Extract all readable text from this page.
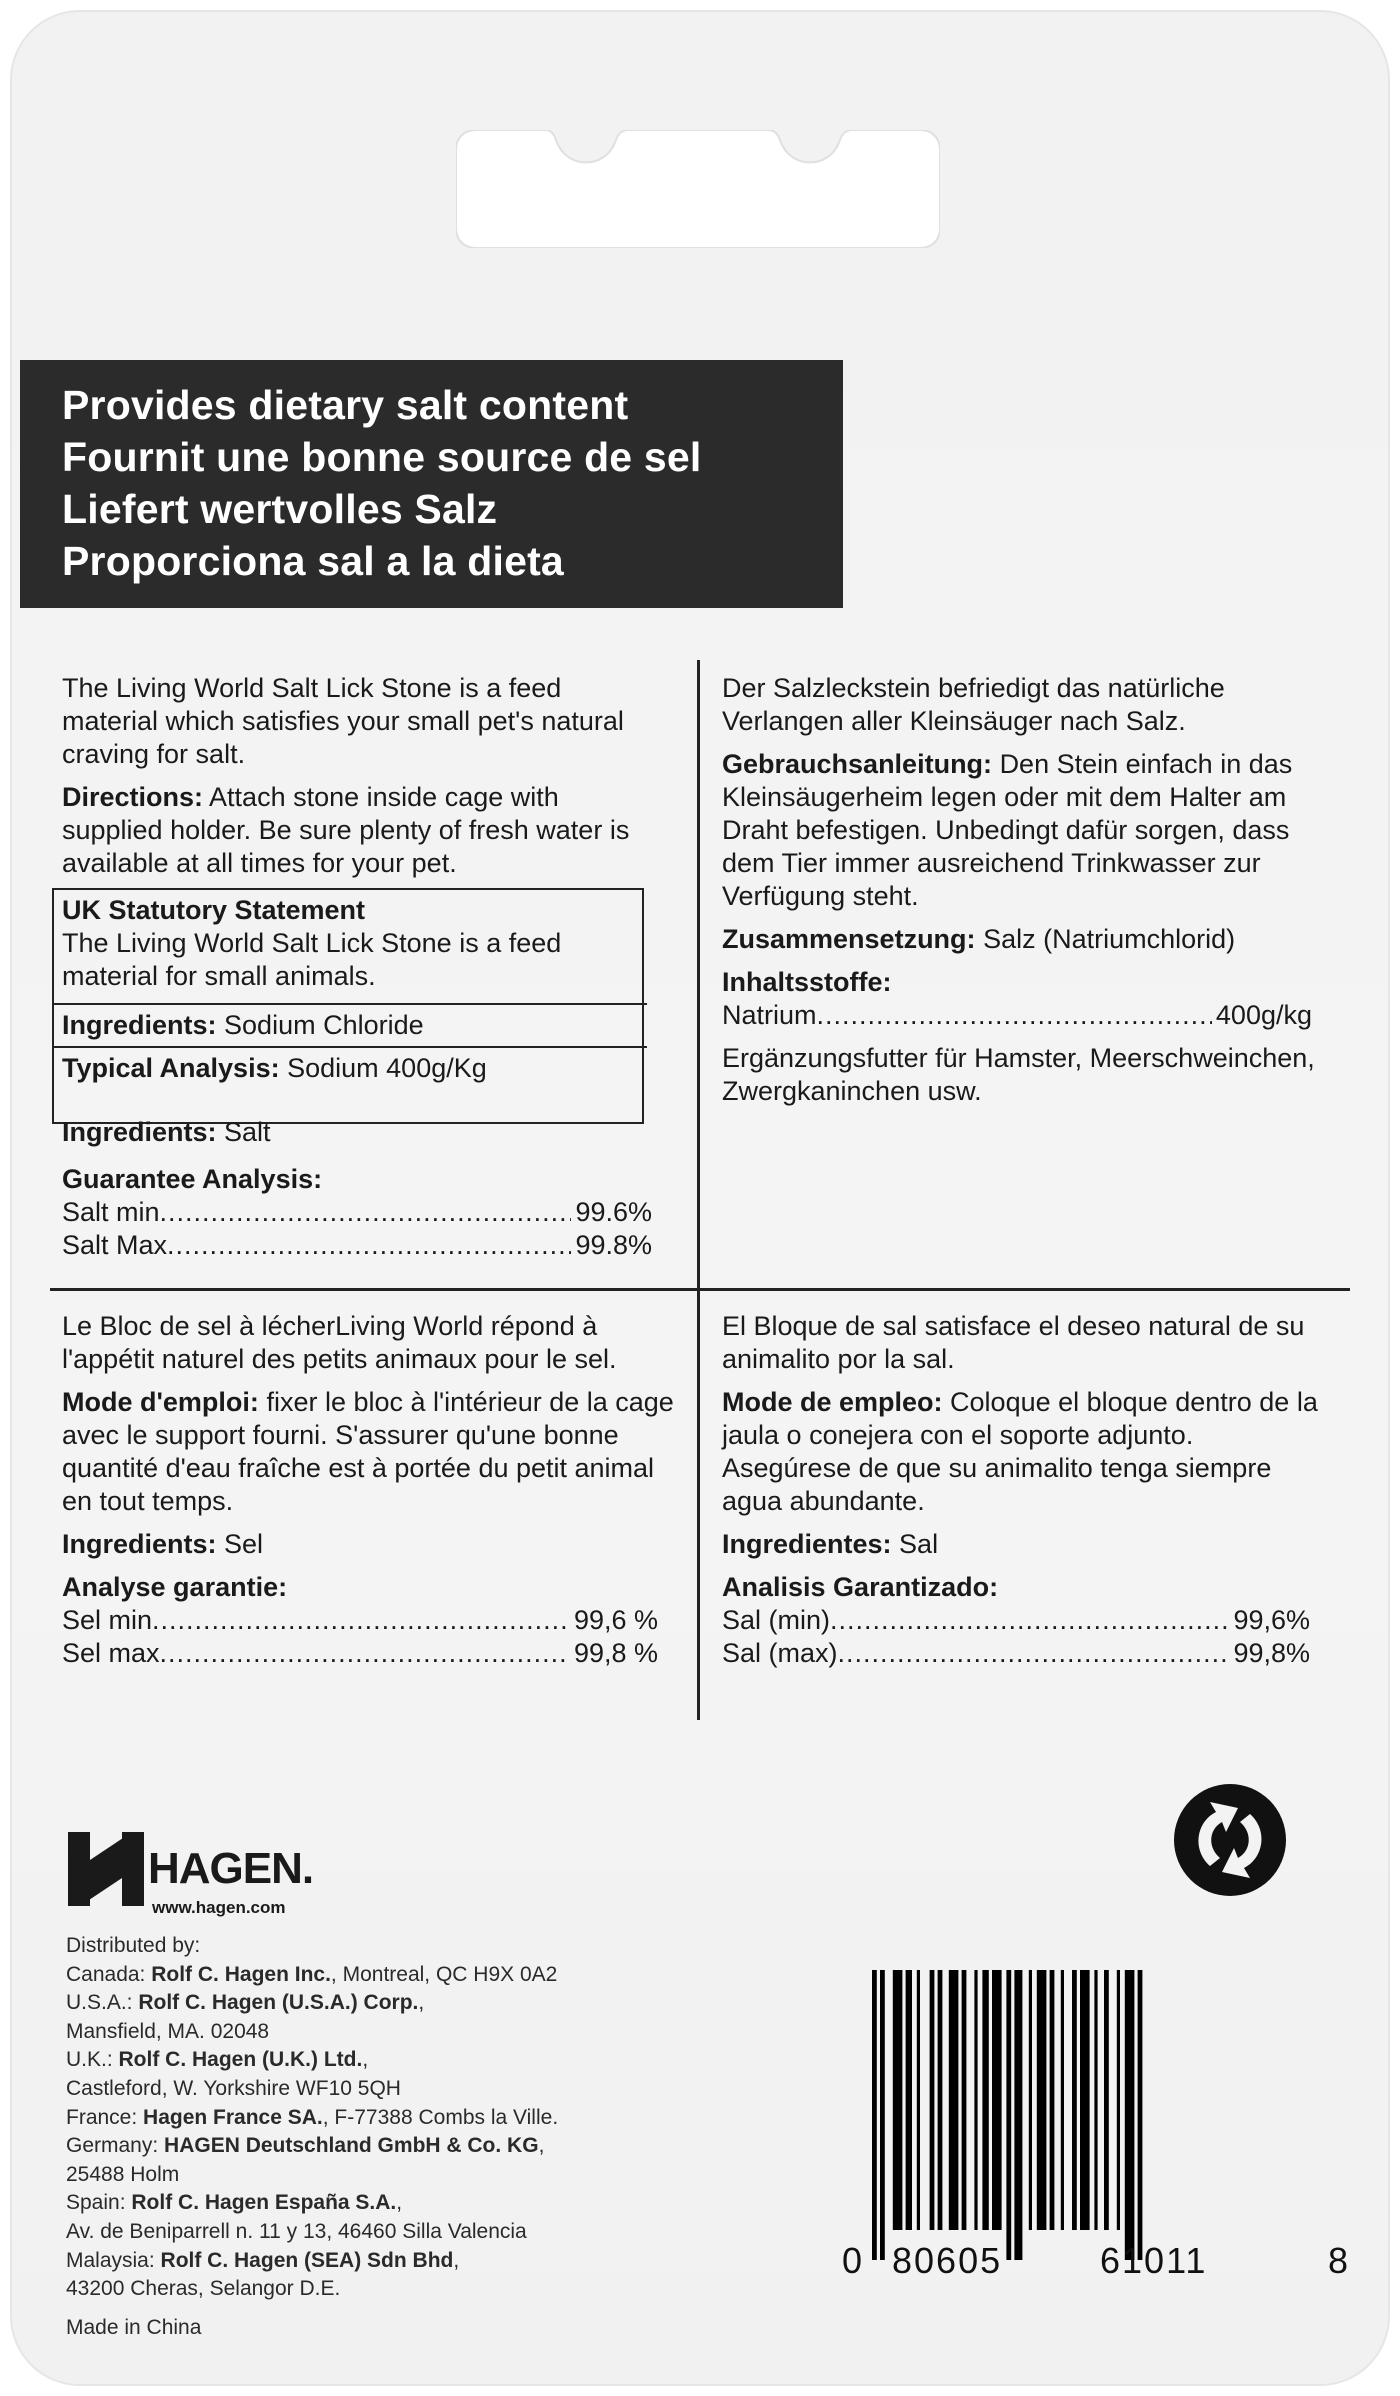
Provides dietary salt content
Fournit une bonne source de sel
Liefert wertvolles Salz
Proporciona sal a la dieta

The Living World Salt Lick Stone is a feed material which satisfies your small pet's natural craving for salt.

Directions: Attach stone inside cage with supplied holder. Be sure plenty of fresh water is available at all times for your pet.

UK Statutory Statement

The Living World Salt Lick Stone is a feed material for small animals.

Ingredients: Sodium Chloride
Typical Analysis: Sodium 400g/Kg

Ingredients: Salt

Guarantee Analysis:
Salt min .....	99.6%
Salt Max .....	99.8%

Der Salzleckstein befriedigt das natürliche Verlangen aller Kleinsäuger nach Salz.

Gebrauchsanleitung: Den Stein einfach in das Kleinsäugerheim legen oder mit dem Halter am Draht befestigen. Unbedingt dafür sorgen, dass dem Tier immer ausreichend Trinkwasser zur Verfügung steht.

Zusammensetzung: Salz (Natriumchlorid)

Inhaltsstoffe:
Natrium .....	400g/kg

Ergänzungsfutter für Hamster, Meerschweinchen, Zwergkaninchen usw.

Le Bloc de sel à lécherLiving World répond à l'appétit naturel des petits animaux pour le sel.

Mode d'emploi: fixer le bloc à l'intérieur de la cage avec le support fourni. S'assurer qu'une bonne quantité d'eau fraîche est à portée du petit animal en tout temps.

Ingredients: Sel

Analyse garantie:
Sel min .....	99,6 %
Sel max .....	99,8 %

El Bloque de sal satisface el deseo natural de su animalito por la sal.

Mode de empleo: Coloque el bloque dentro de la jaula o conejera con el soporte adjunto. Asegúrese de que su animalito tenga siempre agua abundante.

Ingredientes: Sal

Analisis Garantizado:
Sal (min) .....	99,6%
Sal (max) .....	99,8%
HAGEN.
www.hagen.com
Distributed by:
Canada: Rolf C. Hagen Inc., Montreal, QC H9X 0A2
U.S.A.: Rolf C. Hagen (U.S.A.) Corp.,
Mansfield, MA. 02048
U.K.: Rolf C. Hagen (U.K.) Ltd.,
Castleford, W. Yorkshire WF10 5QH
France: Hagen France SA., F-77388 Combs la Ville.
Germany: HAGEN Deutschland GmbH & Co. KG,
25488 Holm
Spain: Rolf C. Hagen España S.A.,
Av. de Beniparrell n. 11 y 13, 46460 Silla Valencia
Malaysia: Rolf C. Hagen (SEA) Sdn Bhd,
43200 Cheras, Selangor D.E.
Made in China
0 80605	61011	8
